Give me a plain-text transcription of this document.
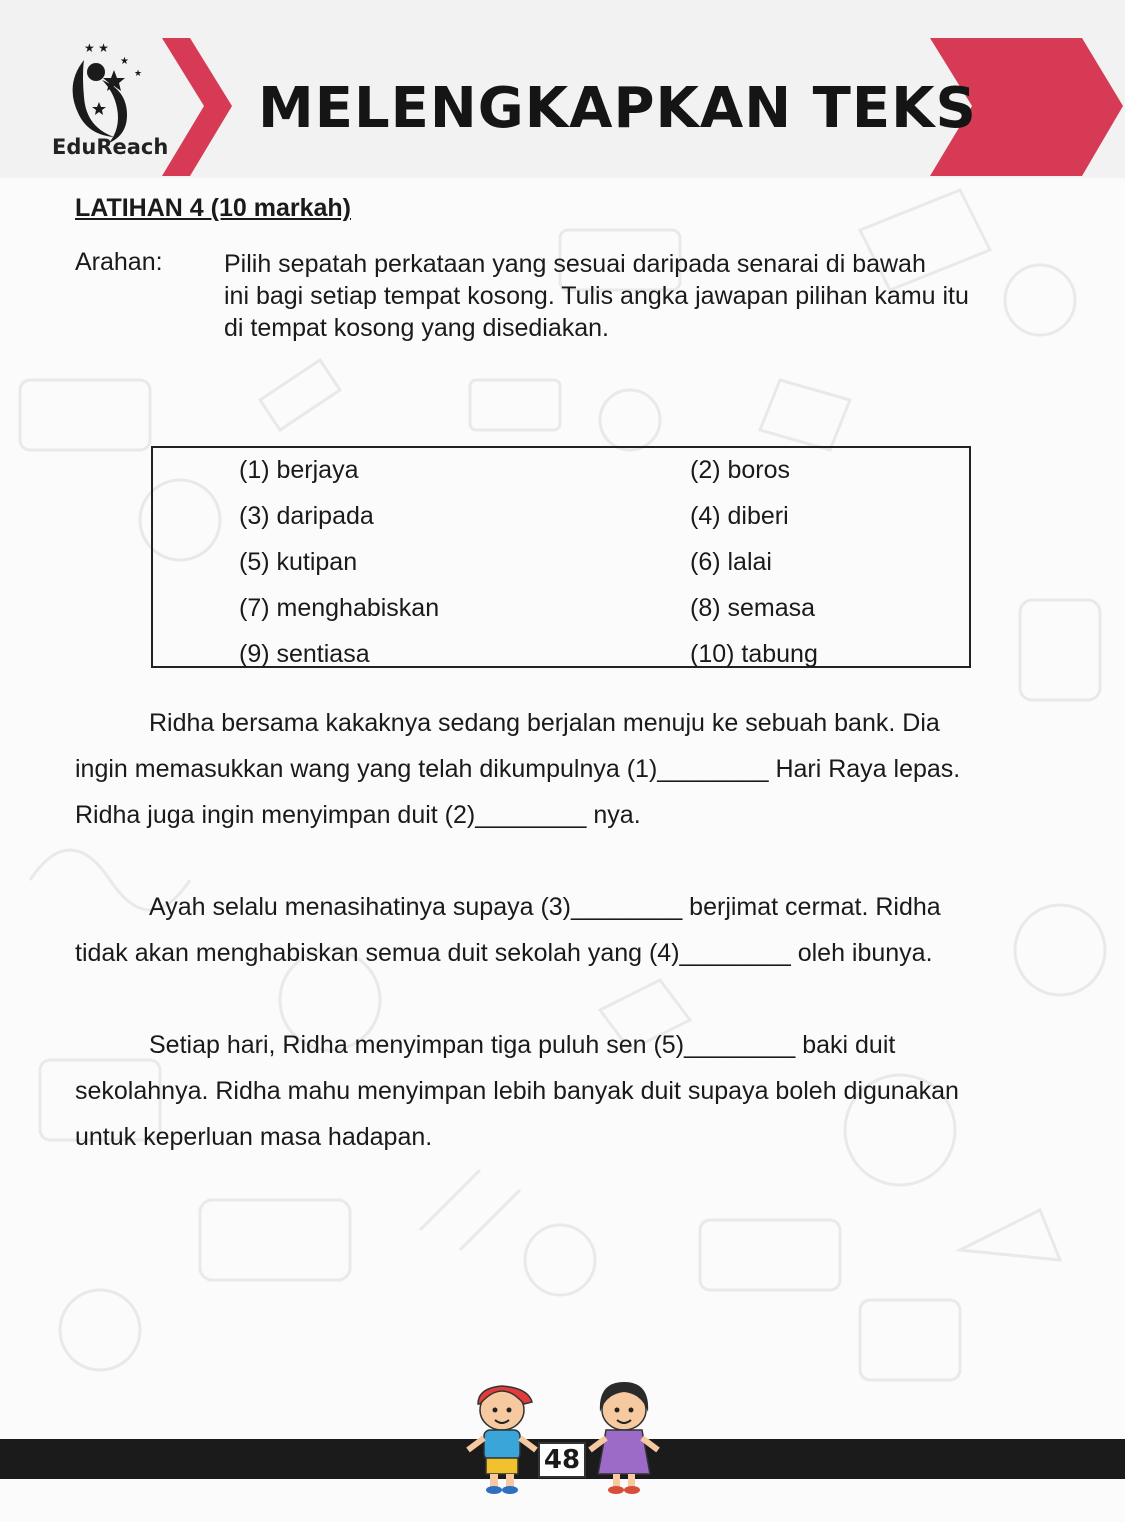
★ ★
★
★
EduReach
MELENGKAPKAN TEKS
LATIHAN 4 (10 markah)
Arahan: Pilih sepatah perkataan yang sesuai daripada senarai di bawah
ini bagi setiap tempat kosong. Tulis angka jawapan pilihan kamu itu
di tempat kosong yang disediakan.
(1) berjaya	(2) boros
(3) daripada	(4) diberi
(5) kutipan	(6) lalai
(7) menghabiskan	(8) semasa
(9) sentiasa	(10) tabung
Ridha bersama kakaknya sedang berjalan menuju ke sebuah bank. Dia
ingin memasukkan wang yang telah dikumpulnya (1)________ Hari Raya lepas.
Ridha juga ingin menyimpan duit (2)________ nya.
Ayah selalu menasihatinya supaya (3)________ berjimat cermat. Ridha
tidak akan menghabiskan semua duit sekolah yang (4)________ oleh ibunya.
Setiap hari, Ridha menyimpan tiga puluh sen (5)________ baki duit
sekolahnya. Ridha mahu menyimpan lebih banyak duit supaya boleh digunakan
untuk keperluan masa hadapan.
48
